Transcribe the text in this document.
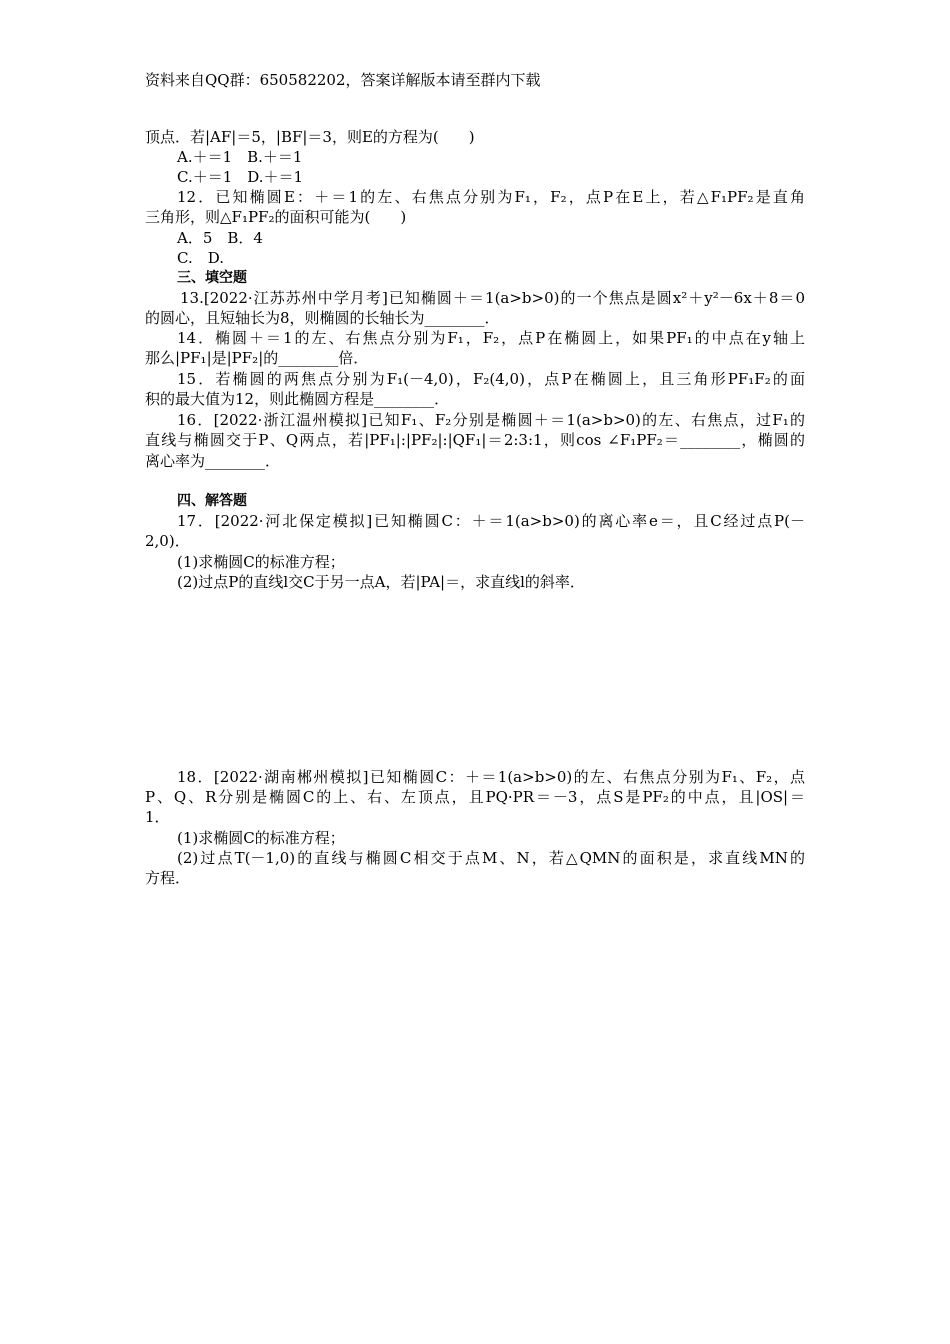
资料来自QQ群：650582202，答案详解版本请至群内下载
顶点．若|AF|＝5，|BF|＝3，则E的方程为(　　)
A.＋＝1　B.＋＝1
C.＋＝1　D.＋＝1
12．已知椭圆E：＋＝1的左、右焦点分别为F₁，F₂，点P在E上，若△F₁PF₂是直角
三角形，则△F₁PF₂的面积可能为(　　)
A．5　B．4
C.　D.
三、填空题
13.[2022·江苏苏州中学月考]已知椭圆＋＝1(a>b>0)的一个焦点是圆x²＋y²－6x＋8＝0
的圆心，且短轴长为8，则椭圆的长轴长为________．
14．椭圆＋＝1的左、右焦点分别为F₁，F₂，点P在椭圆上，如果PF₁的中点在y轴上
那么|PF₁|是|PF₂|的________倍．
15．若椭圆的两焦点分别为F₁(－4,0)，F₂(4,0)，点P在椭圆上，且三角形PF₁F₂的面
积的最大值为12，则此椭圆方程是________．
16．[2022·浙江温州模拟]已知F₁、F₂分别是椭圆＋＝1(a>b>0)的左、右焦点，过F₁的
直线与椭圆交于P、Q两点，若|PF₁|:|PF₂|:|QF₁|＝2:3:1，则cos ∠F₁PF₂＝________，椭圆的
离心率为________．
四、解答题
17．[2022·河北保定模拟]已知椭圆C：＋＝1(a>b>0)的离心率e＝，且C经过点P(－
2,0)．
(1)求椭圆C的标准方程；
(2)过点P的直线l交C于另一点A，若|PA|＝，求直线l的斜率．
18．[2022·湖南郴州模拟]已知椭圆C：＋＝1(a>b>0)的左、右焦点分别为F₁、F₂，点
P、Q、R分别是椭圆C的上、右、左顶点，且PQ·PR＝－3，点S是PF₂的中点，且|OS|＝
1．
(1)求椭圆C的标准方程；
(2)过点T(－1,0)的直线与椭圆C相交于点M、N，若△QMN的面积是，求直线MN的
方程．
